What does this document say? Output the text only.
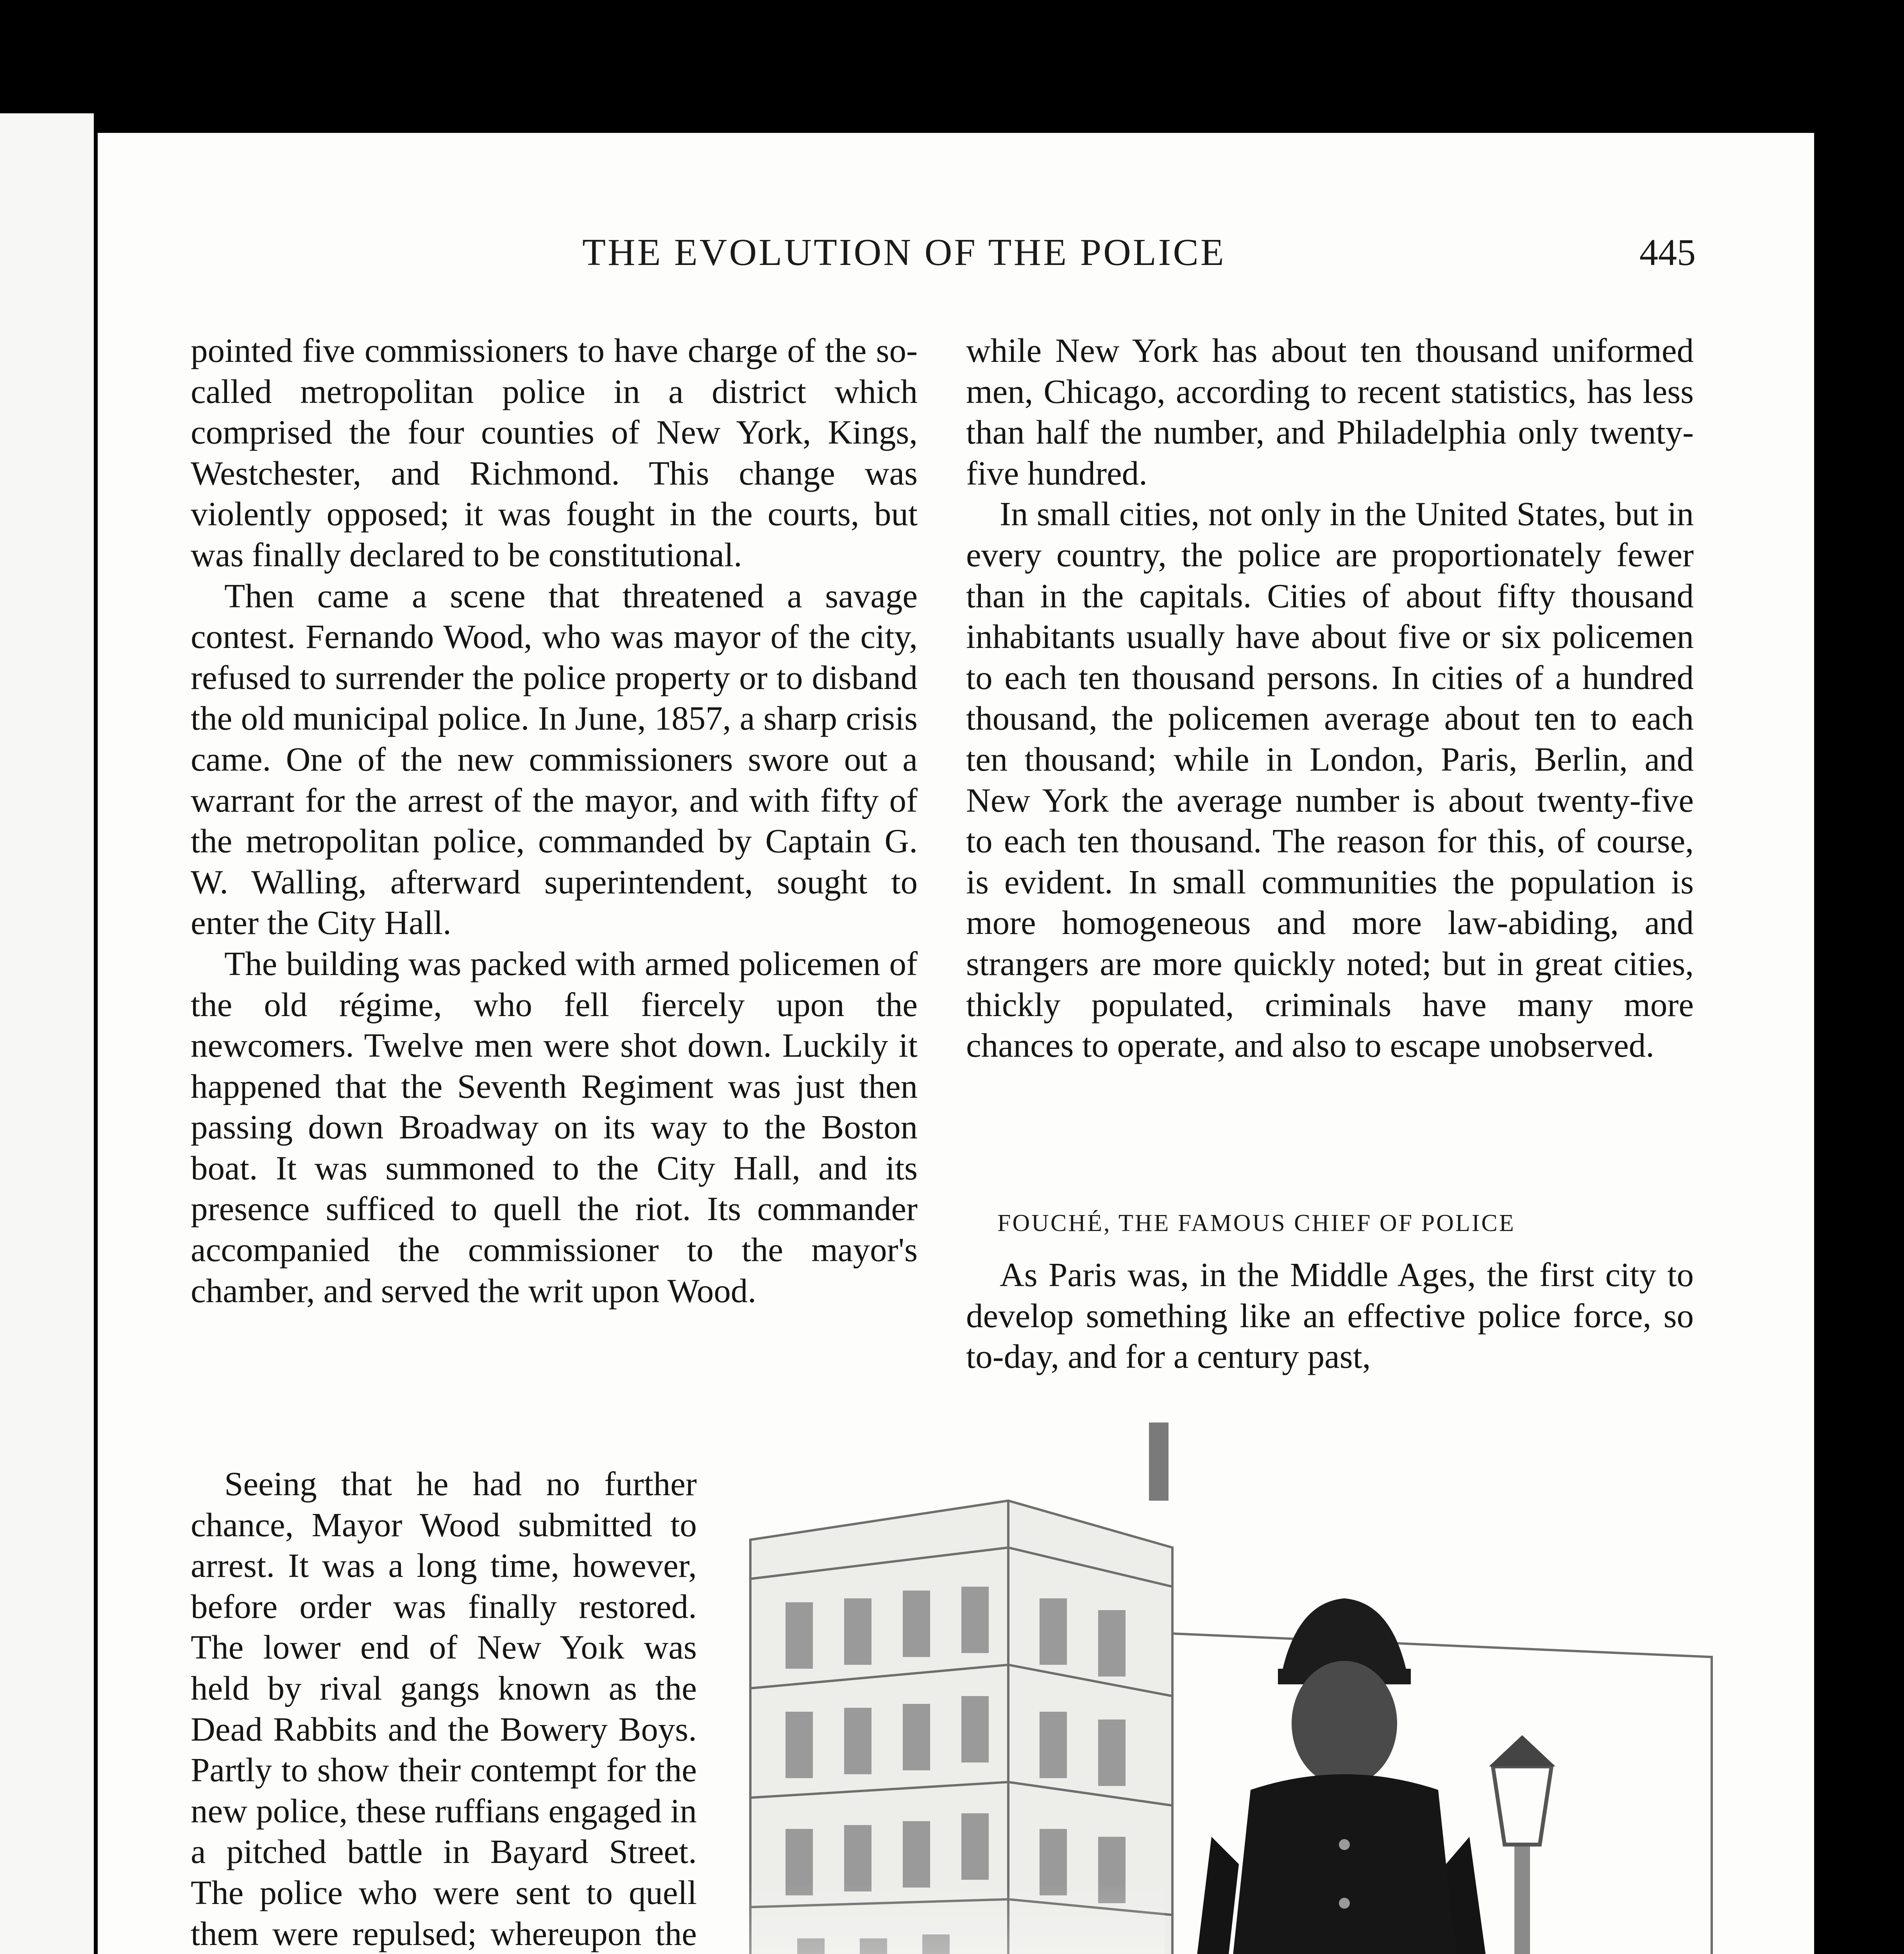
THE EVOLUTION OF THE POLICE	445

pointed five commissioners to have charge of the so-called metropolitan police in a district which comprised the four counties of New York, Kings, Westchester, and Richmond. This change was violently opposed; it was fought in the courts, but was finally declared to be constitutional.

Then came a scene that threatened a savage contest. Fernando Wood, who was mayor of the city, refused to surrender the police property or to disband the old municipal police. In June, 1857, a sharp crisis came. One of the new commissioners swore out a warrant for the arrest of the mayor, and with fifty of the metropolitan police, commanded by Captain G. W. Walling, afterward superintendent, sought to enter the City Hall.

The building was packed with armed policemen of the old régime, who fell fiercely upon the newcomers. Twelve men were shot down. Luckily it happened that the Seventh Regiment was just then passing down Broadway on its way to the Boston boat. It was summoned to the City Hall, and its presence sufficed to quell the riot. Its commander accompanied the commissioner to the mayor's chamber, and served the writ upon Wood.

Seeing that he had no further chance, Mayor Wood submitted to arrest. It was a long time, however, before order was finally restored. The lower end of New Yoık was held by rival gangs known as the Dead Rabbits and the Bowery Boys. Partly to show their contempt for the new police, these ruffians engaged in a pitched battle in Bayard Street. The police who were sent to quell them were repulsed; whereupon the

while New York has about ten thousand uniformed men, Chicago, according to recent statistics, has less than half the number, and Philadelphia only twenty-five hundred.

In small cities, not only in the United States, but in every country, the police are proportionately fewer than in the capitals. Cities of about fifty thousand inhabitants usually have about five or six policemen to each ten thousand persons. In cities of a hundred thousand, the policemen average about ten to each ten thousand; while in London, Paris, Berlin, and New York the average number is about twenty-five to each ten thousand. The reason for this, of course, is evident. In small communities the population is more homogeneous and more law-abiding, and strangers are more quickly noted; but in great cities, thickly populated, criminals have many more chances to operate, and also to escape unobserved.

FOUCHÉ, THE FAMOUS CHIEF OF POLICE

As Paris was, in the Middle Ages, the first city to develop something like an effective police force, so to-day, and for a century past,
